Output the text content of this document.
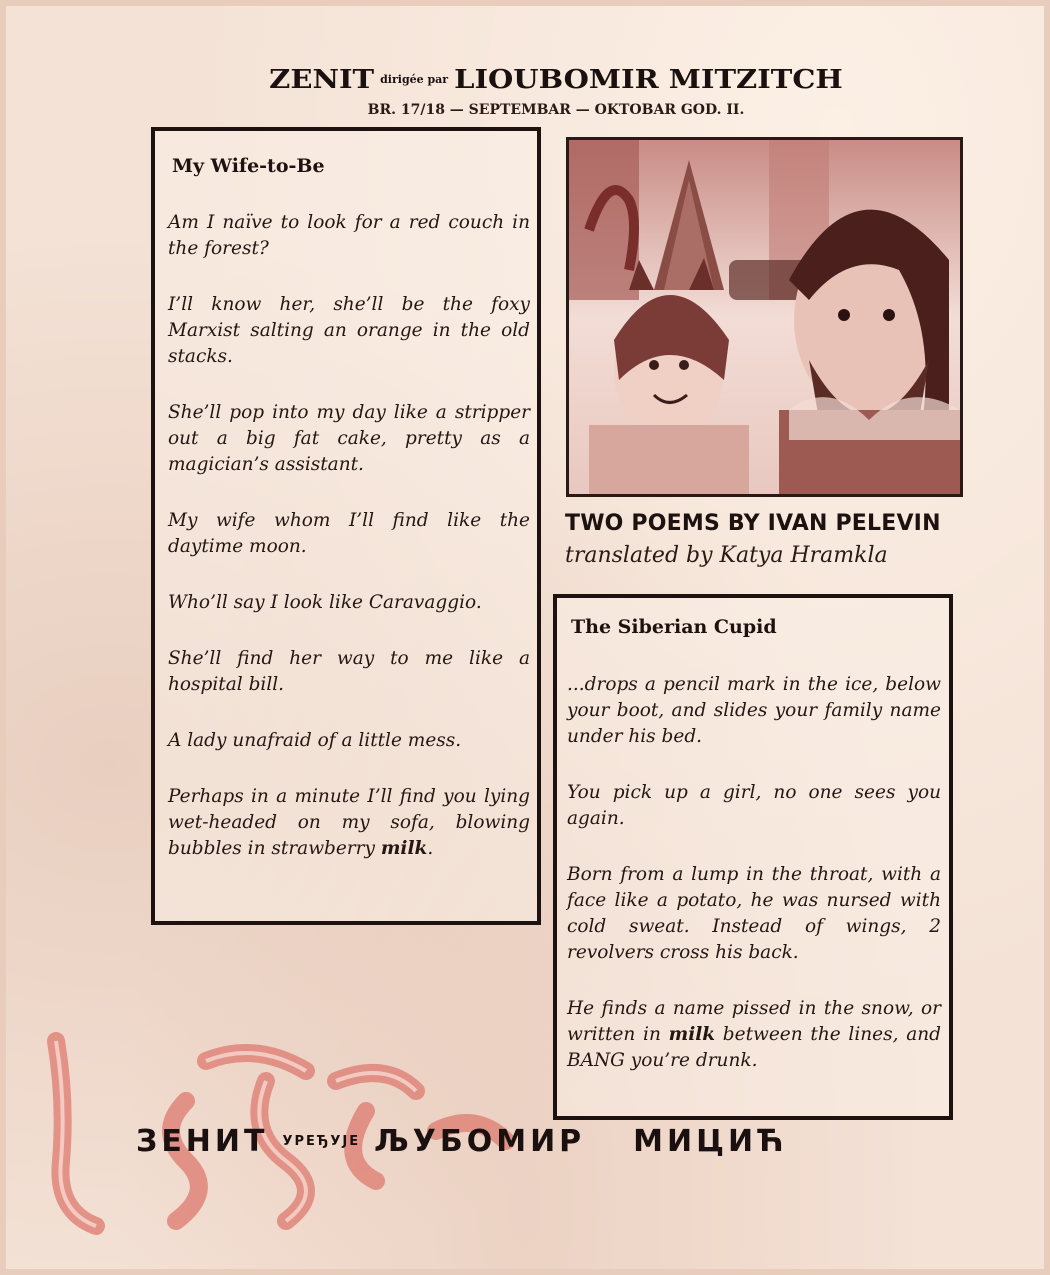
ZENIT dirigée par LIOUBOMIR MITZITCH
BR. 17/18 — SEPTEMBAR — OKTOBAR GOD. II.
My Wife-to-Be

Am I naïve to look for a red couch in the forest?

I’ll know her, she’ll be the foxy Marxist salting an orange in the old stacks.

She’ll pop into my day like a stripper out a big fat cake, pretty as a magician’s assistant.

My wife whom I’ll find like the daytime moon.

Who’ll say I look like Caravaggio.

She’ll find her way to me like a hospital bill.

A lady unafraid of a little mess.

Perhaps in a minute I’ll find you lying wet-headed on my sofa, blowing bubbles in strawberry milk.

TWO POEMS BY IVAN PELEVIN
translated by Katya Hramkla
The Siberian Cupid

...drops a pencil mark in the ice, below your boot, and slides your family name under his bed.

You pick up a girl, no one sees you again.

Born from a lump in the throat, with a face like a potato, he was nursed with cold sweat. Instead of wings, 2 revolvers cross his back.

He finds a name pissed in the snow, or written in milk between the lines, and BANG you’re drunk.

ЗЕНИТ УРЕЂУЈЕ ЉУБОМИР МИЦИЋ
